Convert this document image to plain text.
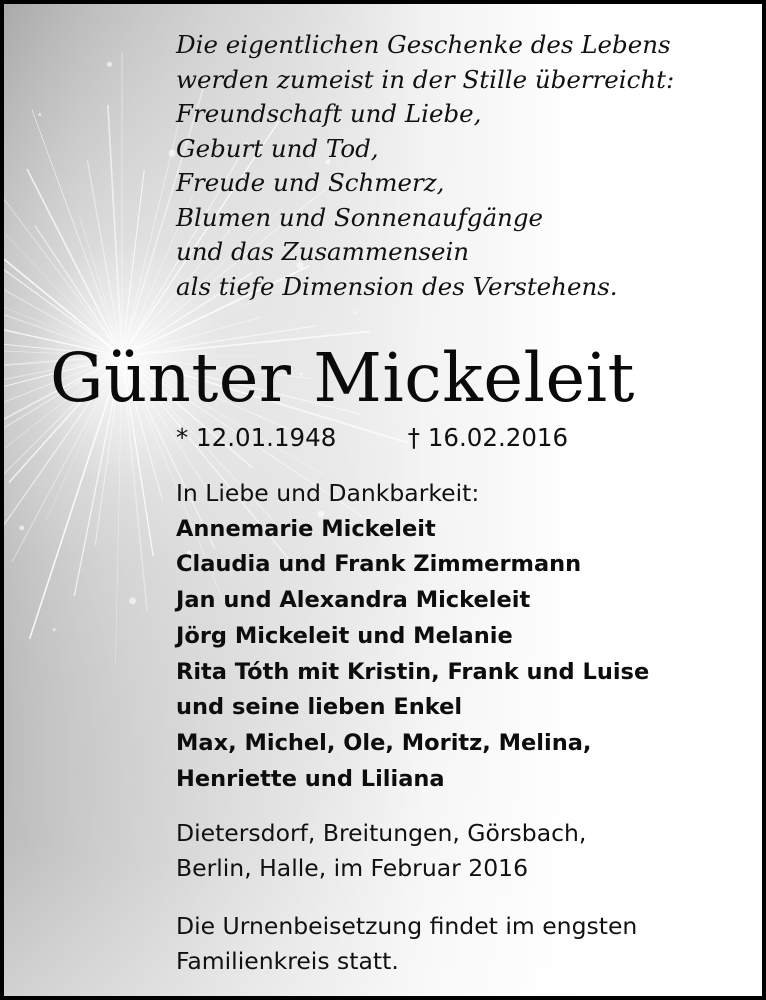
Die eigentlichen Geschenke des Lebens
werden zumeist in der Stille überreicht:
Freundschaft und Liebe,
Geburt und Tod,
Freude und Schmerz,
Blumen und Sonnenaufgänge
und das Zusammensein
als tiefe Dimension des Verstehens.
Günter Mickeleit
* 12.01.1948	† 16.02.2016
In Liebe und Dankbarkeit:
Annemarie Mickeleit
Claudia und Frank Zimmermann
Jan und Alexandra Mickeleit
Jörg Mickeleit und Melanie
Rita Tóth mit Kristin, Frank und Luise
und seine lieben Enkel
Max, Michel, Ole, Moritz, Melina,
Henriette und Liliana
Dietersdorf, Breitungen, Görsbach,
Berlin, Halle, im Februar 2016
Die Urnenbeisetzung findet im engsten
Familienkreis statt.
